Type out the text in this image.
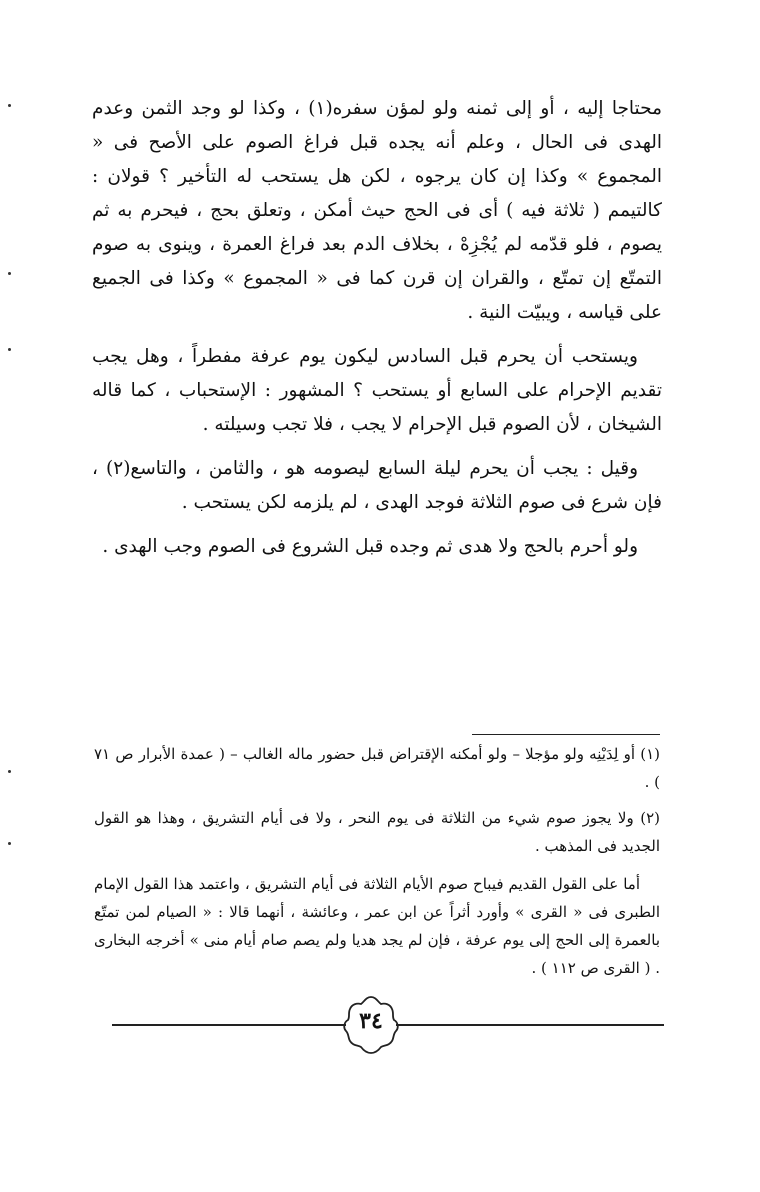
محتاجا إليه ، أو إلى ثمنه ولو لمؤن سفره(١) ، وكذا لو وجد الثمن وعدم الهدى فى الحال ، وعلم أنه يجده قبل فراغ الصوم على الأصح فى « المجموع » وكذا إن كان يرجوه ، لكن هل يستحب له التأخير ؟ قولان : كالتيمم ( ثلاثة فيه ) أى فى الحج حيث أمكن ، وتعلق بحج ، فيحرم به ثم يصوم ، فلو قدّمه لم يُجْزِهْ ، بخلاف الدم بعد فراغ العمرة ، وينوى به صوم التمتّع إن تمتّع ، والقران إن قرن كما فى « المجموع » وكذا فى الجميع على قياسه ، ويبيّت النية .

ويستحب أن يحرم قبل السادس ليكون يوم عرفة مفطراً ، وهل يجب تقديم الإحرام على السابع أو يستحب ؟ المشهور : الإستحباب ، كما قاله الشيخان ، لأن الصوم قبل الإحرام لا يجب ، فلا تجب وسيلته .

وقيل : يجب أن يحرم ليلة السابع ليصومه هو ، والثامن ، والتاسع(٢) ، فإن شرع فى صوم الثلاثة فوجد الهدى ، لم يلزمه لكن يستحب .

ولو أحرم بالحج ولا هدى ثم وجده قبل الشروع فى الصوم وجب الهدى .

(١) أو لِدَيْنِه ولو مؤجلا – ولو أمكنه الإقتراض قبل حضور ماله الغالب – ( عمدة الأبرار ص ٧١ ) .

(٢) ولا يجوز صوم شيء من الثلاثة فى يوم النحر ، ولا فى أيام التشريق ، وهذا هو القول الجديد فى المذهب .

أما على القول القديم فيباح صوم الأيام الثلاثة فى أيام التشريق ، واعتمد هذا القول الإمام الطبرى فى « القرى » وأورد أثراً عن ابن عمر ، وعائشة ، أنهما قالا : « الصيام لمن تمتّع بالعمرة إلى الحج إلى يوم عرفة ، فإن لم يجد هديا ولم يصم صام أيام منى » أخرجه البخارى . ( القرى ص ١١٢ ) .

٣٤
